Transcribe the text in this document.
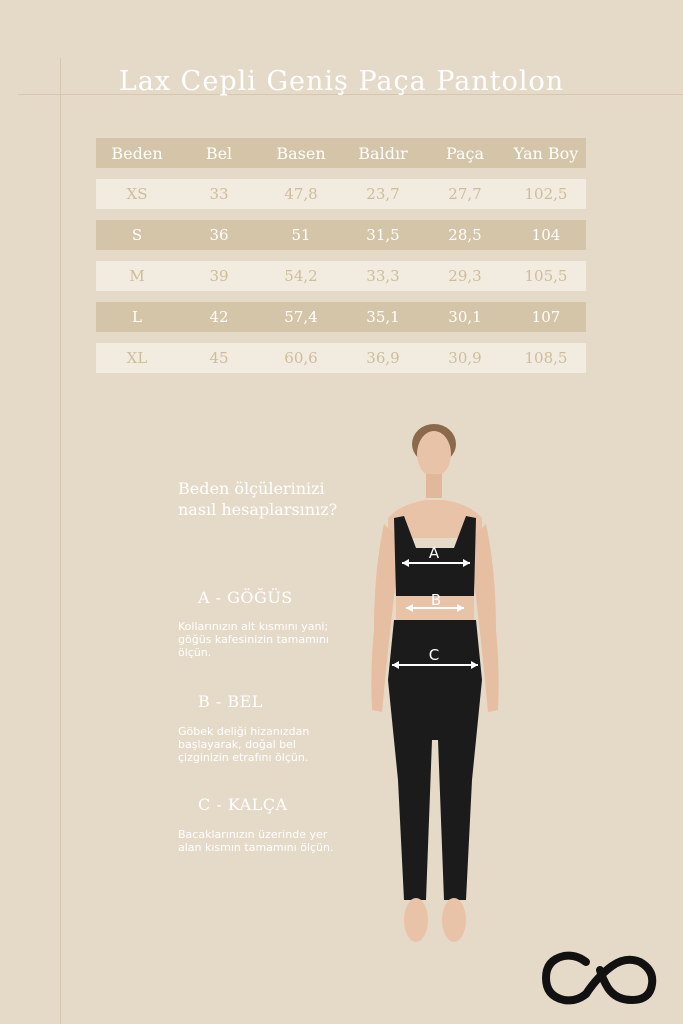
Lax Cepli Geniş Paça Pantolon
Beden	Bel	Basen	Baldır	Paça	Yan Boy
XS	33	47,8	23,7	27,7	102,5
S	36	51	31,5	28,5	104
M	39	54,2	33,3	29,3	105,5
L	42	57,4	35,1	30,1	107
XL	45	60,6	36,9	30,9	108,5
Beden ölçülerinizi
nasıl hesaplarsınız?
A - GÖĞÜS
Kollarınızın alt kısmını yani;
göğüs kafesinizin tamamını
ölçün.
B - BEL
Göbek deliği hizanızdan
başlayarak, doğal bel
çizginizin etrafını ölçün.
C - KALÇA
Bacaklarınızın üzerinde yer
alan kısmın tamamını ölçün.
A
B
C
